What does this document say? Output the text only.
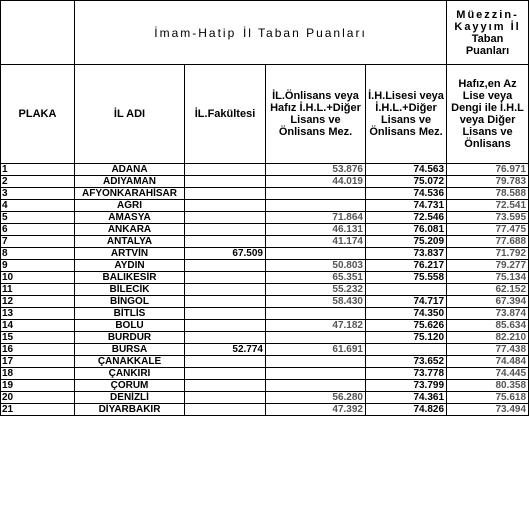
	İmam-Hatip İl Taban Puanları				Müezzin-
Kayyım İl
Taban
Puanları
PLAKA	İL ADI	İL.Fakültesi	İL.Önlisans veya Hafız İ.H.L.+Diğer Lisans ve Önlisans Mez.	İ.H.Lisesi veya İ.H.L.+Diğer Lisans ve Önlisans Mez.	Hafız,en Az Lise veya Dengi ile İ.H.L veya Diğer Lisans ve Önlisans
1	ADANA		53.876	74.563	76.971
2	ADIYAMAN		44.019	75.072	79.783
3	AFYONKARAHİSAR			74.536	78.588
4	AĞRI			74.731	72.541
5	AMASYA		71.864	72.546	73.595
6	ANKARA		46.131	76.081	77.475
7	ANTALYA		41.174	75.209	77.688
8	ARTVİN	67.509		73.837	71.792
9	AYDIN		50.803	76.217	79.277
10	BALIKESİR		65.351	75.558	75.134
11	BİLECİK		55.232		62.152
12	BİNGÖL		58.430	74.717	67.394
13	BİTLİS			74.350	73.874
14	BOLU		47.182	75.626	85.634
15	BURDUR			75.120	82.210
16	BURSA	52.774	61.691		77.438
17	ÇANAKKALE			73.652	74.484
18	ÇANKIRI			73.778	74.445
19	ÇORUM			73.799	80.358
20	DENİZLİ		56.280	74.361	75.618
21	DİYARBAKIR		47.392	74.826	73.494
